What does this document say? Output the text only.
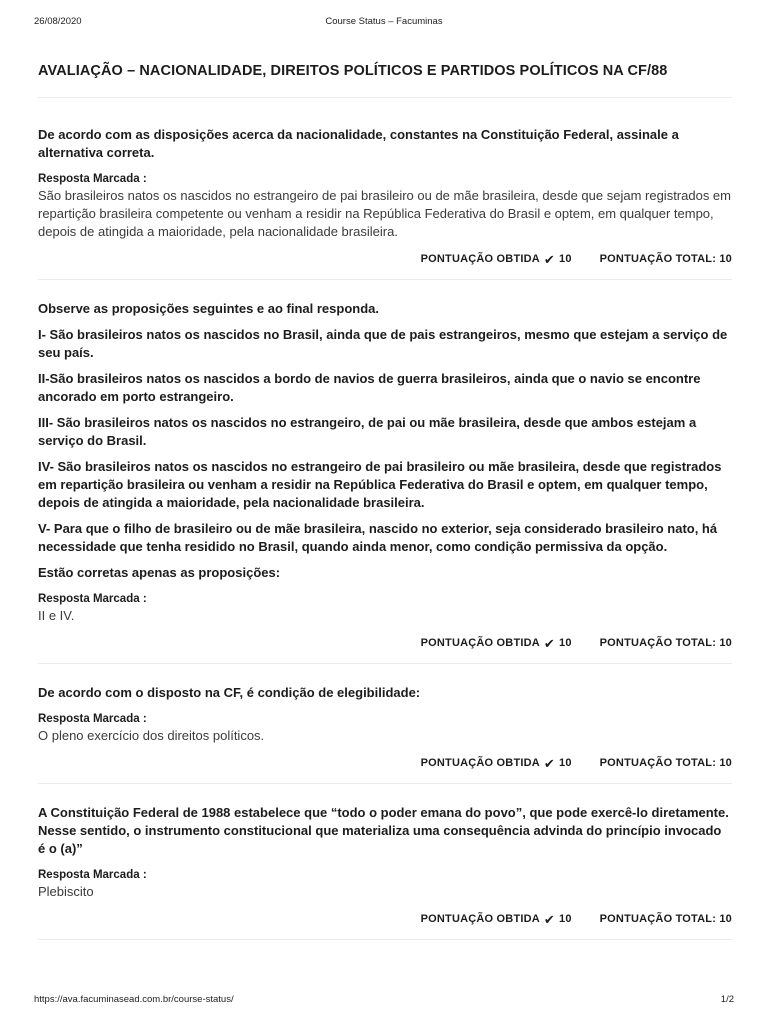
26/08/2020	Course Status – Facuminas
AVALIAÇÃO – NACIONALIDADE, DIREITOS POLÍTICOS E PARTIDOS POLÍTICOS NA CF/88

De acordo com as disposições acerca da nacionalidade, constantes na Constituição Federal, assinale a alternativa correta.

Resposta Marcada :
São brasileiros natos os nascidos no estrangeiro de pai brasileiro ou de mãe brasileira, desde que sejam registrados em repartição brasileira competente ou venham a residir na República Federativa do Brasil e optem, em qualquer tempo, depois de atingida a maioridade, pela nacionalidade brasileira.
PONTUAÇÃO OBTIDA ✔ 10	PONTUAÇÃO TOTAL: 10

Observe as proposições seguintes e ao final responda.

I- São brasileiros natos os nascidos no Brasil, ainda que de pais estrangeiros, mesmo que estejam a serviço de seu país.

II-São brasileiros natos os nascidos a bordo de navios de guerra brasileiros, ainda que o navio se encontre ancorado em porto estrangeiro.

III- São brasileiros natos os nascidos no estrangeiro, de pai ou mãe brasileira, desde que ambos estejam a serviço do Brasil.

IV- São brasileiros natos os nascidos no estrangeiro de pai brasileiro ou mãe brasileira, desde que registrados em repartição brasileira ou venham a residir na República Federativa do Brasil e optem, em qualquer tempo, depois de atingida a maioridade, pela nacionalidade brasileira.

V- Para que o filho de brasileiro ou de mãe brasileira, nascido no exterior, seja considerado brasileiro nato, há necessidade que tenha residido no Brasil, quando ainda menor, como condição permissiva da opção.

Estão corretas apenas as proposições:

Resposta Marcada :
II e IV.
PONTUAÇÃO OBTIDA ✔ 10	PONTUAÇÃO TOTAL: 10

De acordo com o disposto na CF, é condição de elegibilidade:

Resposta Marcada :
O pleno exercício dos direitos políticos.
PONTUAÇÃO OBTIDA ✔ 10	PONTUAÇÃO TOTAL: 10

A Constituição Federal de 1988 estabelece que “todo o poder emana do povo”, que pode exercê-lo diretamente. Nesse sentido, o instrumento constitucional que materializa uma consequência advinda do princípio invocado é o (a)”

Resposta Marcada :
Plebiscito
PONTUAÇÃO OBTIDA ✔ 10	PONTUAÇÃO TOTAL: 10
https://ava.facuminasead.com.br/course-status/	1/2
